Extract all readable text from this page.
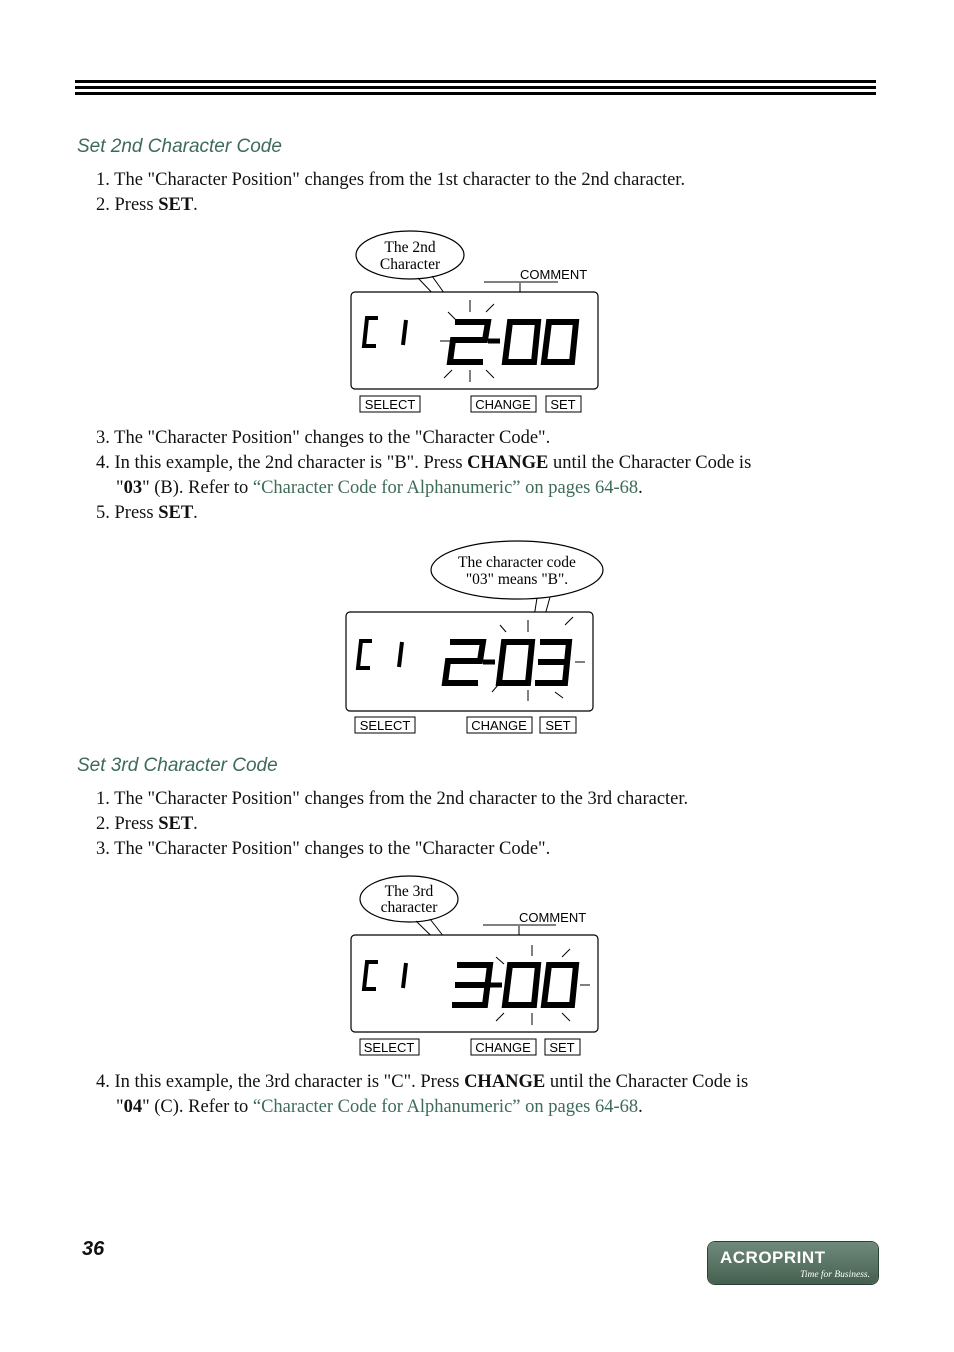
Set 2nd Character Code
1. The "Character Position" changes from the 1st character to the 2nd character.
2. Press SET.
The 2nd
Character
COMMENT
SELECT	CHANGE SET
3. The "Character Position" changes to the "Character Code".
4. In this example, the 2nd character is "B". Press CHANGE until the Character Code is
"03" (B). Refer to “Character Code for Alphanumeric” on pages 64-68.
5. Press SET.
The character code
"03" means "B".
SELECT	CHANGE SET
Set 3rd Character Code
1. The "Character Position" changes from the 2nd character to the 3rd character.
2. Press SET.
3. The "Character Position" changes to the "Character Code".
The 3rd
character
COMMENT
SELECT	CHANGE SET
4. In this example, the 3rd character is "C". Press CHANGE until the Character Code is
"04" (C). Refer to “Character Code for Alphanumeric” on pages 64-68.
36	ACROPRINT
Time for Business.
